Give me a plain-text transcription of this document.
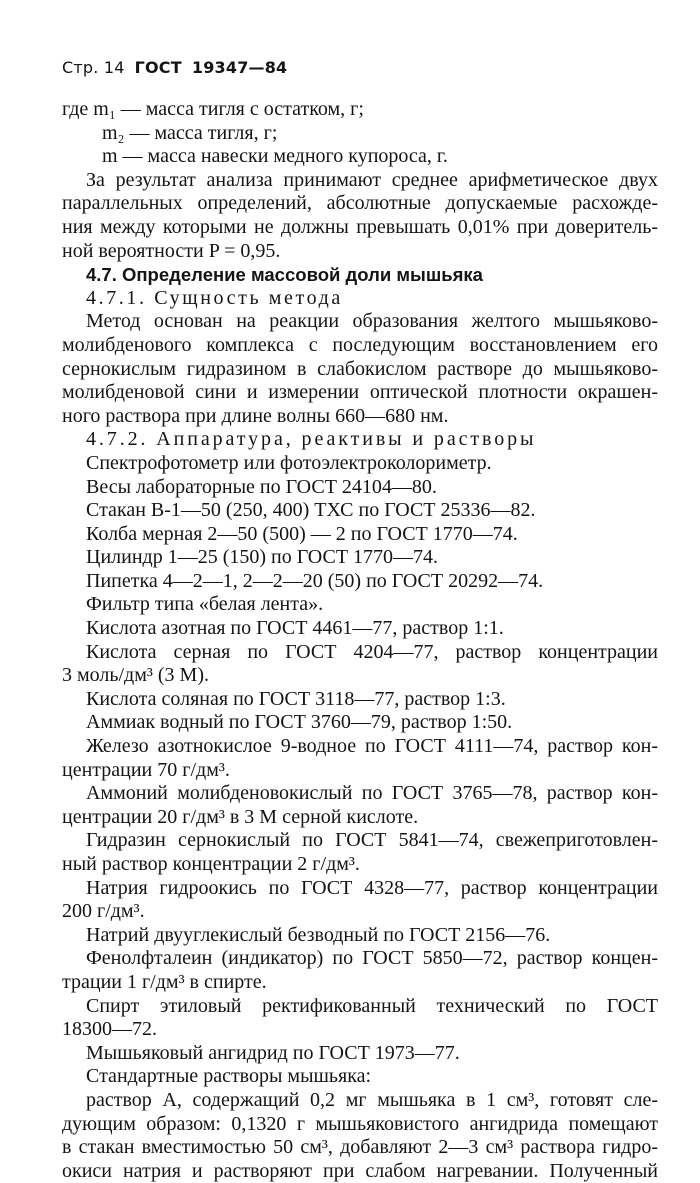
Стр. 14 ГОСТ 19347—84
где m₁ — масса тигля с остатком, г;
m₂ — масса тигля, г;
m — масса навески медного купороса, г.
За результат анализа принимают среднее арифметическое двух
параллельных определений, абсолютные допускаемые расхожде-
ния между которыми не должны превышать 0,01% при доверитель-
ной вероятности P = 0,95.
4.7. Определение массовой доли мышьяка
4.7.1. Сущность метода
Метод основан на реакции образования желтого мышьяково-
молибденового комплекса с последующим восстановлением его
сернокислым гидразином в слабокислом растворе до мышьяково-
молибденовой сини и измерении оптической плотности окрашен-
ного раствора при длине волны 660—680 нм.
4.7.2. Аппаратура, реактивы и растворы
Спектрофотометр или фотоэлектроколориметр.
Весы лабораторные по ГОСТ 24104—80.
Стакан В-1—50 (250, 400) ТХС по ГОСТ 25336—82.
Колба мерная 2—50 (500) — 2 по ГОСТ 1770—74.
Цилиндр 1—25 (150) по ГОСТ 1770—74.
Пипетка 4—2—1, 2—2—20 (50) по ГОСТ 20292—74.
Фильтр типа «белая лента».
Кислота азотная по ГОСТ 4461—77, раствор 1:1.
Кислота серная по ГОСТ 4204—77, раствор концентрации
3 моль/дм³ (3 М).
Кислота соляная по ГОСТ 3118—77, раствор 1:3.
Аммиак водный по ГОСТ 3760—79, раствор 1:50.
Железо азотнокислое 9-водное по ГОСТ 4111—74, раствор кон-
центрации 70 г/дм³.
Аммоний молибденовокислый по ГОСТ 3765—78, раствор кон-
центрации 20 г/дм³ в 3 М серной кислоте.
Гидразин сернокислый по ГОСТ 5841—74, свежеприготовлен-
ный раствор концентрации 2 г/дм³.
Натрия гидроокись по ГОСТ 4328—77, раствор концентрации
200 г/дм³.
Натрий двууглекислый безводный по ГОСТ 2156—76.
Фенолфталеин (индикатор) по ГОСТ 5850—72, раствор концен-
трации 1 г/дм³ в спирте.
Спирт этиловый ректификованный технический по ГОСТ
18300—72.
Мышьяковый ангидрид по ГОСТ 1973—77.
Стандартные растворы мышьяка:
раствор А, содержащий 0,2 мг мышьяка в 1 см³, готовят сле-
дующим образом: 0,1320 г мышьяковистого ангидрида помещают
в стакан вместимостью 50 см³, добавляют 2—3 см³ раствора гидро-
окиси натрия и растворяют при слабом нагревании. Полученный
